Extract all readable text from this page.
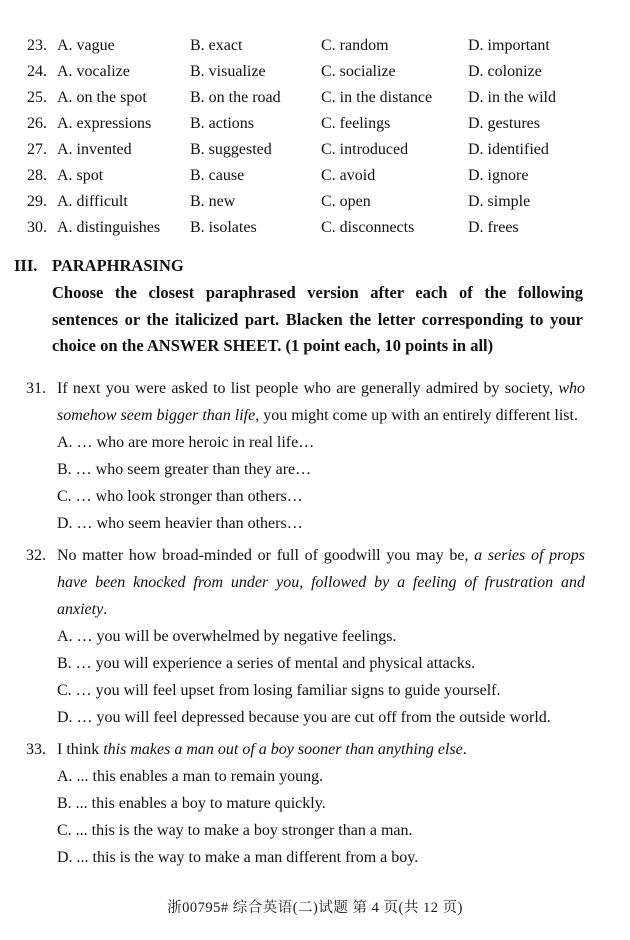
23. A. vague	B. exact	C. random	D. important
24. A. vocalize	B. visualize	C. socialize	D. colonize
25. A. on the spot	B. on the road	C. in the distance	D. in the wild
26. A. expressions	B. actions	C. feelings	D. gestures
27. A. invented	B. suggested	C. introduced	D. identified
28. A. spot	B. cause	C. avoid	D. ignore
29. A. difficult	B. new	C. open	D. simple
30. A. distinguishes	B. isolates	C. disconnects	D. frees
III. PARAPHRASING

Choose the closest paraphrased version after each of the following sentences or the italicized part. Blacken the letter corresponding to your choice on the ANSWER SHEET. (1 point each, 10 points in all)

31. If next you were asked to list people who are generally admired by society, who somehow seem bigger than life, you might come up with an entirely different list.

A. … who are more heroic in real life…

B. … who seem greater than they are…

C. … who look stronger than others…

D. … who seem heavier than others…

32. No matter how broad-minded or full of goodwill you may be, a series of props have been knocked from under you, followed by a feeling of frustration and anxiety.

A. … you will be overwhelmed by negative feelings.

B. … you will experience a series of mental and physical attacks.

C. … you will feel upset from losing familiar signs to guide yourself.

D. … you will feel depressed because you are cut off from the outside world.

33. I think this makes a man out of a boy sooner than anything else.

A. ... this enables a man to remain young.

B. ... this enables a boy to mature quickly.

C. ... this is the way to make a boy stronger than a man.

D. ... this is the way to make a man different from a boy.

浙00795# 综合英语(二)试题 第 4 页(共 12 页)
